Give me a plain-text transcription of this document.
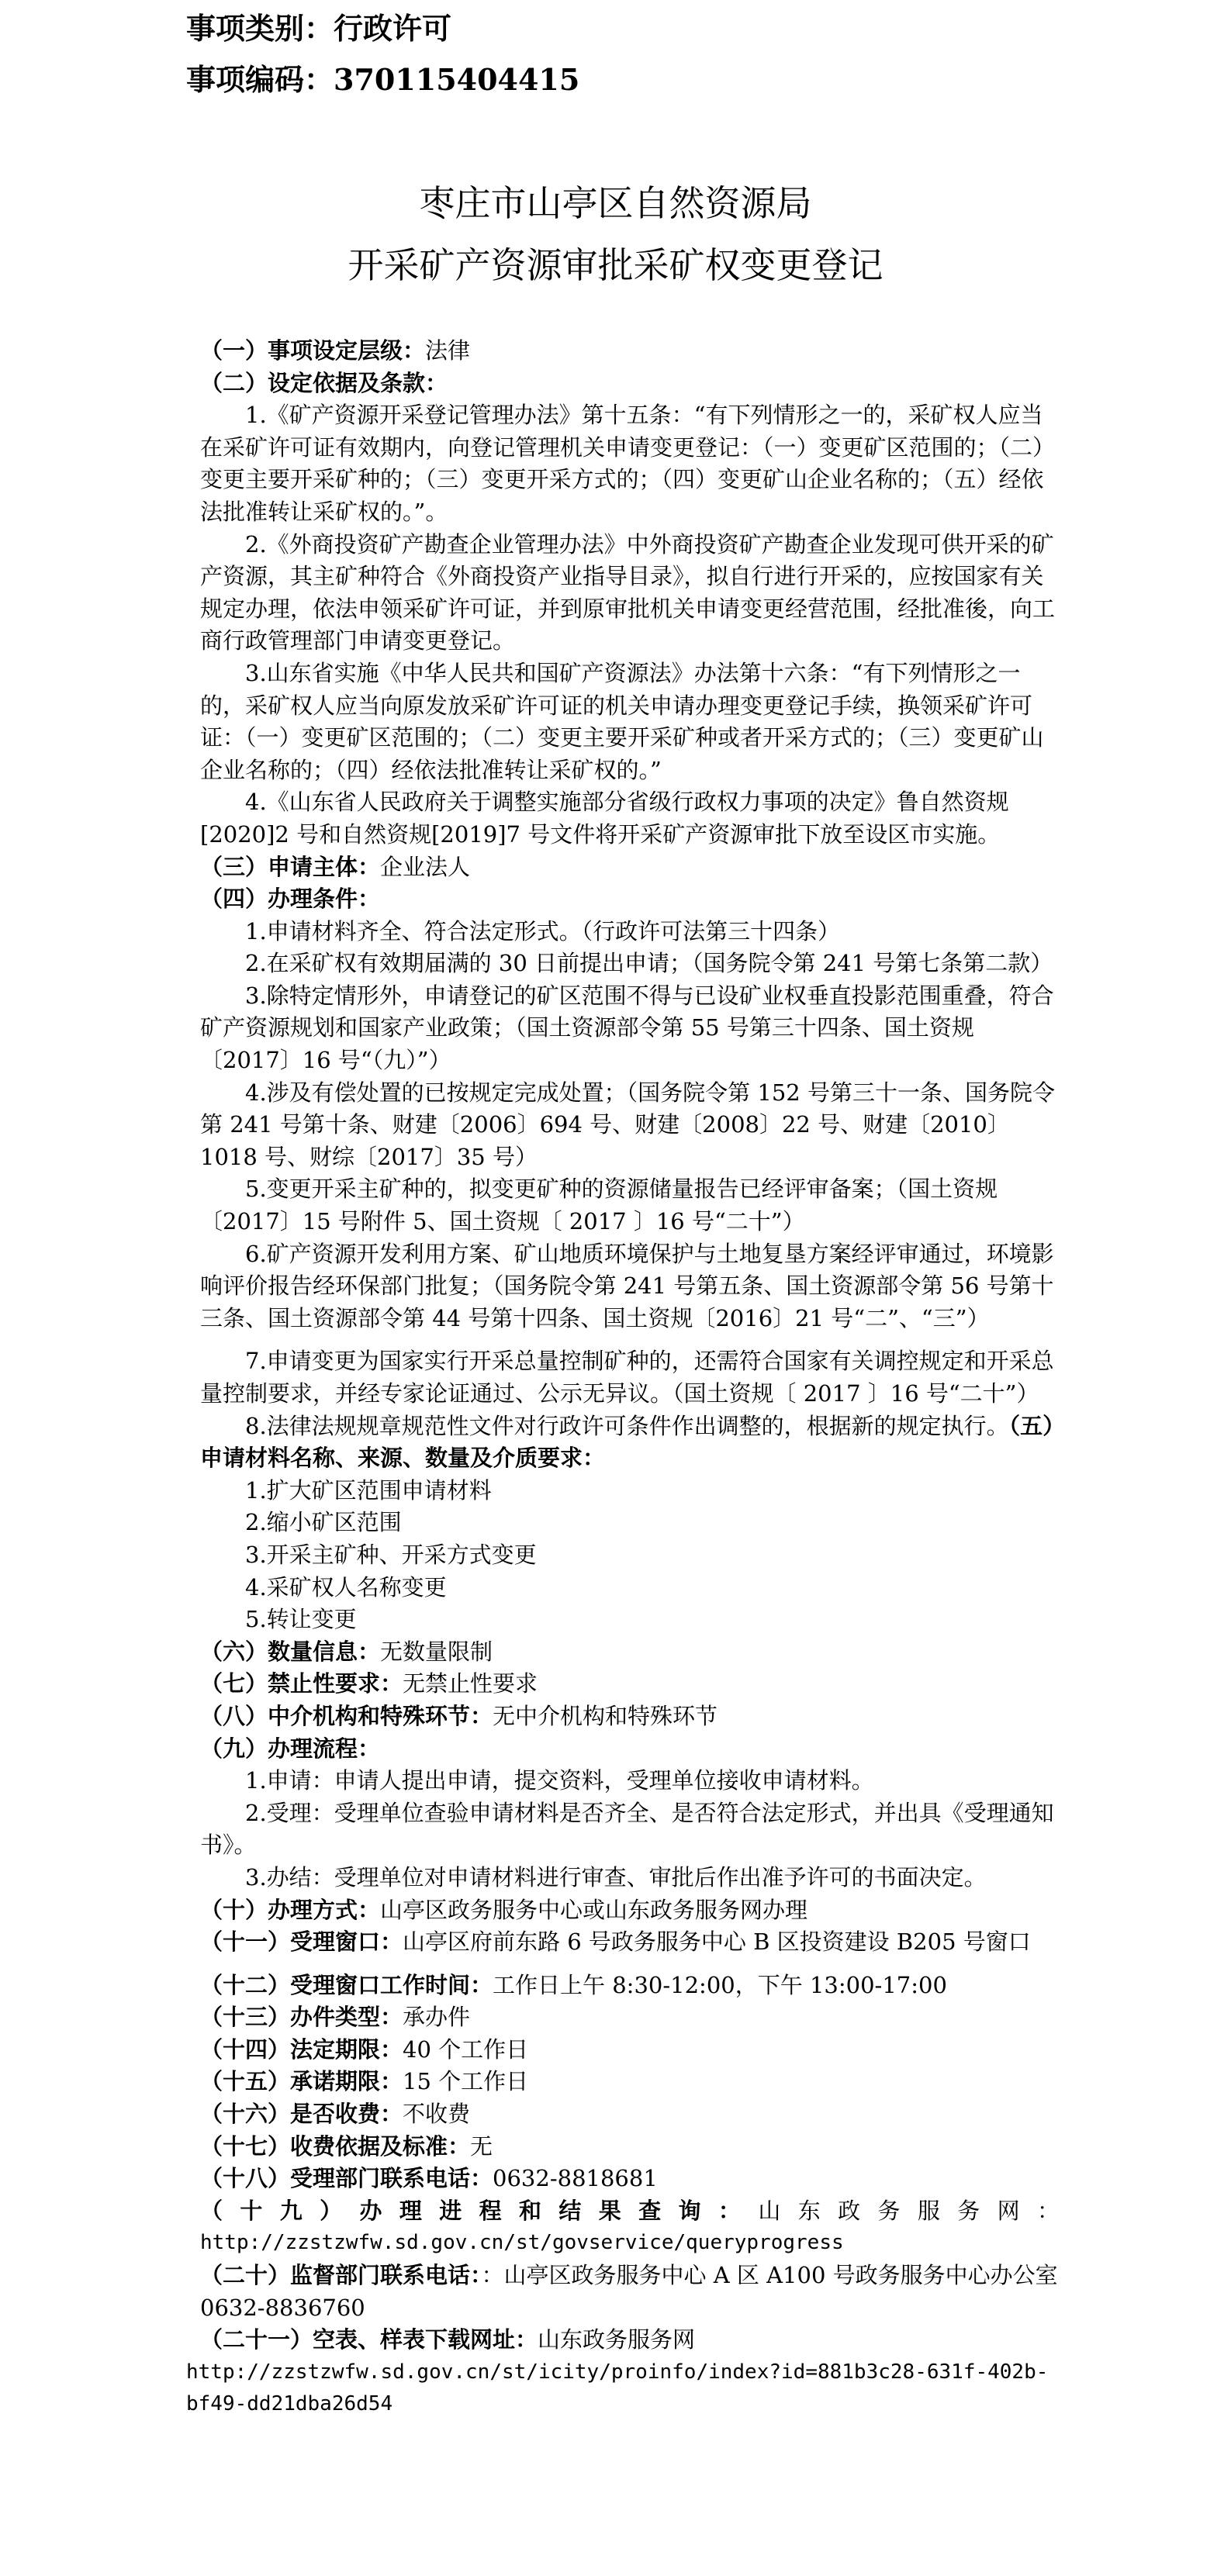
事项类别：行政许可
事项编码：370115404415
枣庄市山亭区自然资源局
开采矿产资源审批采矿权变更登记

（一）事项设定层级：法律

（二）设定依据及条款：

1.《矿产资源开采登记管理办法》第十五条：“有下列情形之一的，采矿权人应当在采矿许可证有效期内，向登记管理机关申请变更登记：（一）变更矿区范围的；（二）变更主要开采矿种的；（三）变更开采方式的；（四）变更矿山企业名称的；（五）经依法批准转让采矿权的。”。

2.《外商投资矿产勘查企业管理办法》中外商投资矿产勘查企业发现可供开采的矿产资源，其主矿种符合《外商投资产业指导目录》，拟自行进行开采的，应按国家有关规定办理，依法申领采矿许可证，并到原审批机关申请变更经营范围，经批准後，向工商行政管理部门申请变更登记。

3.山东省实施《中华人民共和国矿产资源法》办法第十六条：“有下列情形之一的，采矿权人应当向原发放采矿许可证的机关申请办理变更登记手续，换领采矿许可证：（一）变更矿区范围的；（二）变更主要开采矿种或者开采方式的；（三）变更矿山企业名称的；（四）经依法批准转让采矿权的。”

4.《山东省人民政府关于调整实施部分省级行政权力事项的决定》鲁自然资规[2020]2 号和自然资规[2019]7 号文件将开采矿产资源审批下放至设区市实施。

（三）申请主体：企业法人

（四）办理条件：

1.申请材料齐全、符合法定形式。（行政许可法第三十四条）

2.在采矿权有效期届满的 30 日前提出申请；（国务院令第 241 号第七条第二款）

3.除特定情形外，申请登记的矿区范围不得与已设矿业权垂直投影范围重叠，符合矿产资源规划和国家产业政策；（国土资源部令第 55 号第三十四条、国土资规〔2017〕16 号“（九）”）

4.涉及有偿处置的已按规定完成处置；（国务院令第 152 号第三十一条、国务院令第 241 号第十条、财建〔2006〕694 号、财建〔2008〕22 号、财建〔2010〕1018 号、财综〔2017〕35 号）

5.变更开采主矿种的，拟变更矿种的资源储量报告已经评审备案；（国土资规〔2017〕15 号附件 5、国土资规〔 2017 〕16 号“二十”）

6.矿产资源开发利用方案、矿山地质环境保护与土地复垦方案经评审通过，环境影响评价报告经环保部门批复；（国务院令第 241 号第五条、国土资源部令第 56 号第十三条、国土资源部令第 44 号第十四条、国土资规〔2016〕21 号“二”、“三”）

7.申请变更为国家实行开采总量控制矿种的，还需符合国家有关调控规定和开采总量控制要求，并经专家论证通过、公示无异议。（国土资规〔 2017 〕16 号“二十”）

8.法律法规规章规范性文件对行政许可条件作出调整的，根据新的规定执行。（五）申请材料名称、来源、数量及介质要求：

1.扩大矿区范围申请材料

2.缩小矿区范围

3.开采主矿种、开采方式变更

4.采矿权人名称变更

5.转让变更

（六）数量信息：无数量限制

（七）禁止性要求：无禁止性要求

（八）中介机构和特殊环节：无中介机构和特殊环节

（九）办理流程：

1.申请：申请人提出申请，提交资料，受理单位接收申请材料。

2.受理：受理单位查验申请材料是否齐全、是否符合法定形式，并出具《受理通知书》。

3.办结：受理单位对申请材料进行审查、审批后作出准予许可的书面决定。

（十）办理方式：山亭区政务服务中心或山东政务服务网办理

（十一）受理窗口：山亭区府前东路 6 号政务服务中心 B 区投资建设 B205 号窗口

（十二）受理窗口工作时间：工作日上午 8:30-12:00，下午 13:00-17:00

（十三）办件类型：承办件

（十四）法定期限：40 个工作日

（十五）承诺期限：15 个工作日

（十六）是否收费：不收费

（十七）收费依据及标准：无

（十八）受理部门联系电话：0632-8818681

（十九）办理进程和结果查询：山东政务服务网：

http://zzstzwfw.sd.gov.cn/st/govservice/queryprogress

（二十）监督部门联系电话：：山亭区政务服务中心 A 区 A100 号政务服务中心办公室 0632-8836760

（二十一）空表、样表下载网址：山东政务服务网

http://zzstzwfw.sd.gov.cn/st/icity/proinfo/index?id=881b3c28-631f-402b-bf49-dd21dba26d54
